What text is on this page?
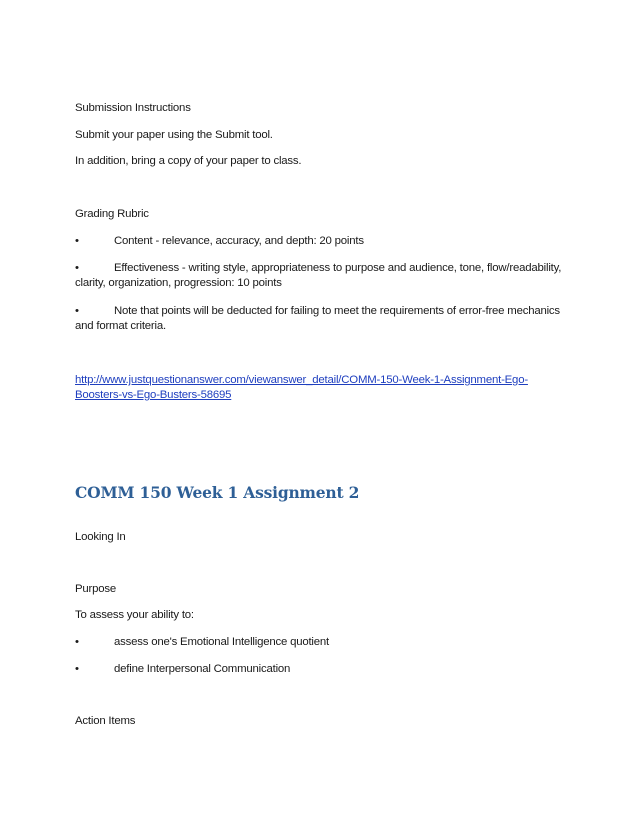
Submission Instructions
Submit your paper using the Submit tool.
In addition, bring a copy of your paper to class.
Grading Rubric
•	Content - relevance, accuracy, and depth: 20 points
•	Effectiveness - writing style, appropriateness to purpose and audience, tone, flow/readability,
clarity, organization, progression: 10 points
•	Note that points will be deducted for failing to meet the requirements of error-free mechanics
and format criteria.
http://www.justquestionanswer.com/viewanswer_detail/COMM-150-Week-1-Assignment-Ego-
Boosters-vs-Ego-Busters-58695
COMM 150 Week 1 Assignment 2
Looking In
Purpose
To assess your ability to:
•	assess one's Emotional Intelligence quotient
•	define Interpersonal Communication
Action Items
